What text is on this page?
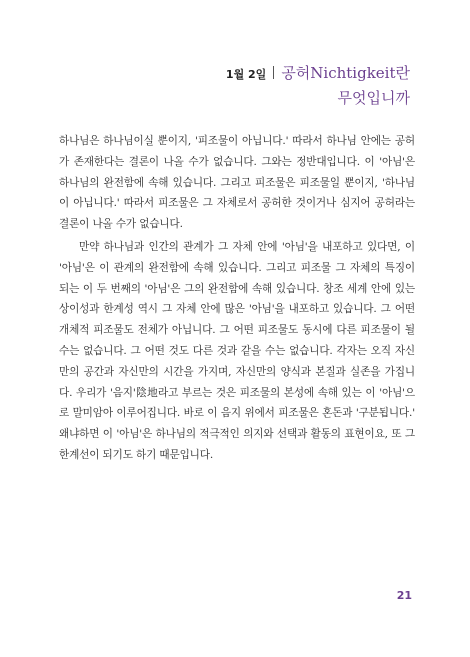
1월 2일 공허Nichtigkeit란
무엇입니까

하나님은 하나님이실 뿐이지, '피조물이 아닙니다.' 따라서 하나님 안에는 공허가 존재한다는 결론이 나올 수가 없습니다. 그와는 정반대입니다. 이 '아님'은 하나님의 완전함에 속해 있습니다. 그리고 피조물은 피조물일 뿐이지, '하나님이 아닙니다.' 따라서 피조물은 그 자체로서 공허한 것이거나 심지어 공허라는 결론이 나올 수가 없습니다.

만약 하나님과 인간의 관계가 그 자체 안에 '아님'을 내포하고 있다면, 이 '아님'은 이 관계의 완전함에 속해 있습니다. 그리고 피조물 그 자체의 특징이 되는 이 두 번째의 '아님'은 그의 완전함에 속해 있습니다. 창조 세계 안에 있는 상이성과 한계성 역시 그 자체 안에 많은 '아님'을 내포하고 있습니다. 그 어떤 개체적 피조물도 전체가 아닙니다. 그 어떤 피조물도 동시에 다른 피조물이 될 수는 없습니다. 그 어떤 것도 다른 것과 같을 수는 없습니다. 각자는 오직 자신만의 공간과 자신만의 시간을 가지며, 자신만의 양식과 본질과 실존을 가집니다. 우리가 '음지'陰地라고 부르는 것은 피조물의 본성에 속해 있는 이 '아님'으로 말미암아 이루어집니다. 바로 이 음지 위에서 피조물은 혼돈과 '구분됩니다.' 왜냐하면 이 '아님'은 하나님의 적극적인 의지와 선택과 활동의 표현이요, 또 그 한계선이 되기도 하기 때문입니다.

21
